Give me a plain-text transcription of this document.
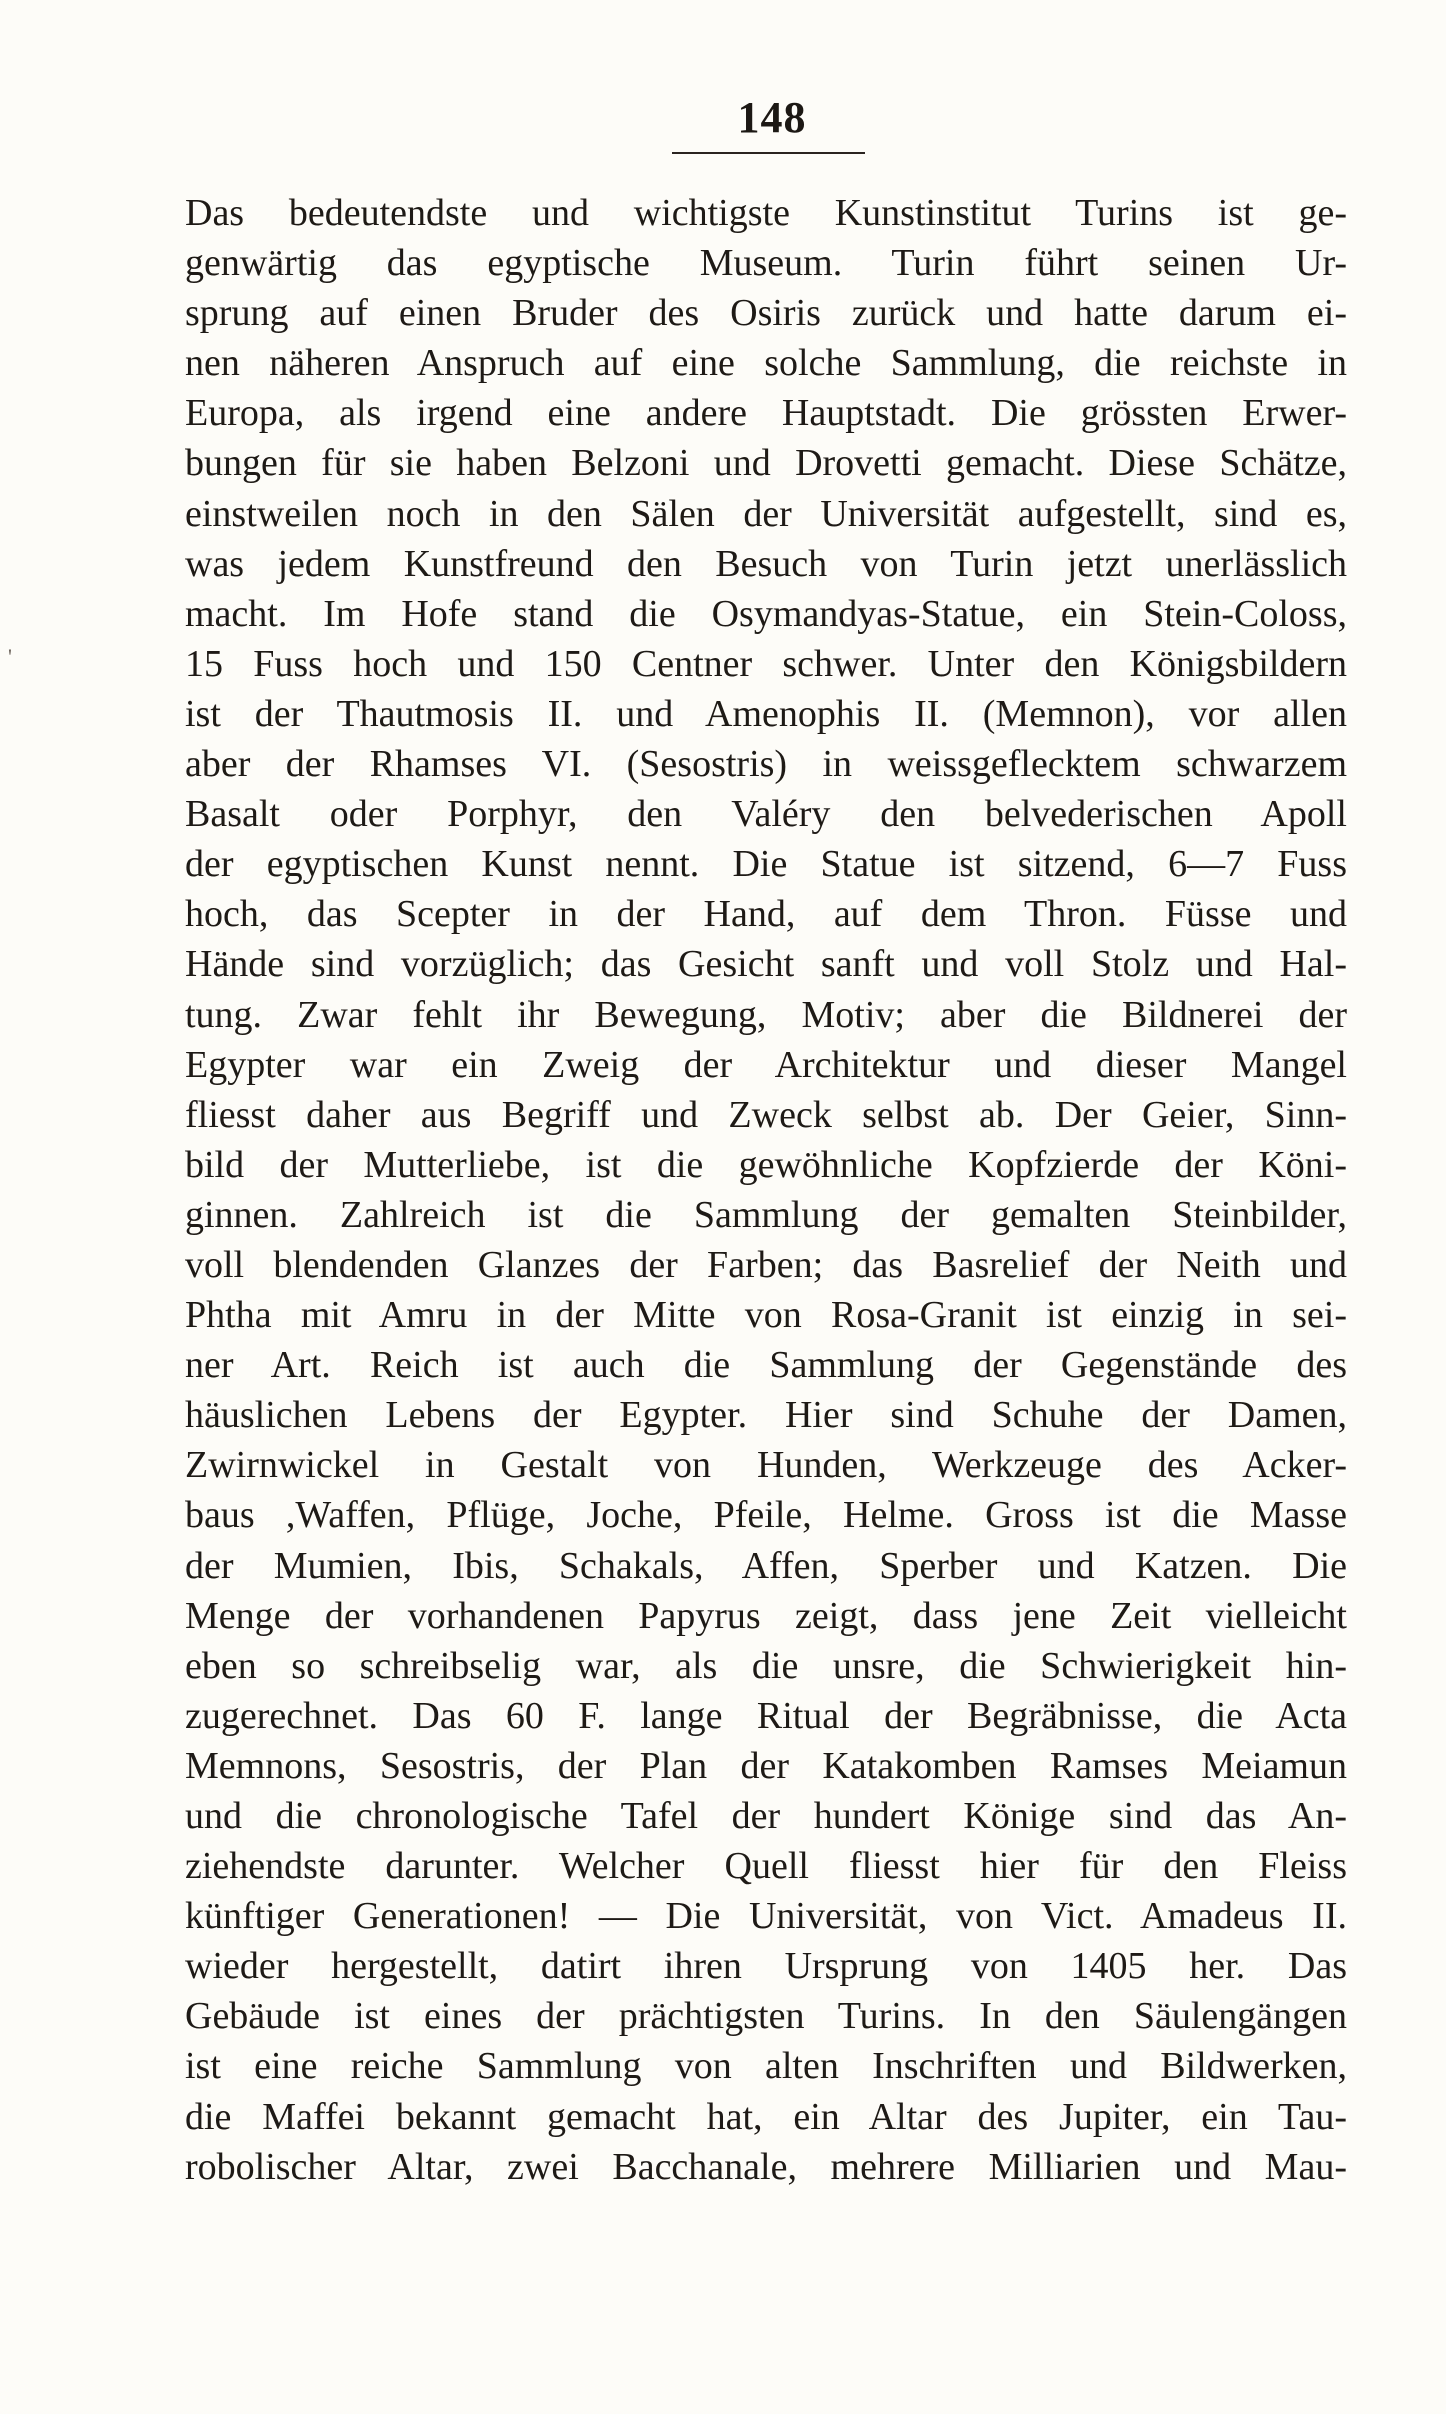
148
'
Das bedeutendste und wichtigste Kunstinstitut Turins ist ge-
genwärtig das egyptische Museum. Turin führt seinen Ur-
sprung auf einen Bruder des Osiris zurück und hatte darum ei-
nen näheren Anspruch auf eine solche Sammlung, die reichste in
Europa, als irgend eine andere Hauptstadt. Die grössten Erwer-
bungen für sie haben Belzoni und Drovetti gemacht. Diese Schätze,
einstweilen noch in den Sälen der Universität aufgestellt, sind es,
was jedem Kunstfreund den Besuch von Turin jetzt unerlässlich
macht. Im Hofe stand die Osymandyas-Statue, ein Stein-Coloss,
15 Fuss hoch und 150 Centner schwer. Unter den Königsbildern
ist der Thautmosis II. und Amenophis II. (Memnon), vor allen
aber der Rhamses VI. (Sesostris) in weissgeflecktem schwarzem
Basalt oder Porphyr, den Valéry den belvederischen Apoll
der egyptischen Kunst nennt. Die Statue ist sitzend, 6—7 Fuss
hoch, das Scepter in der Hand, auf dem Thron. Füsse und
Hände sind vorzüglich; das Gesicht sanft und voll Stolz und Hal-
tung. Zwar fehlt ihr Bewegung, Motiv; aber die Bildnerei der
Egypter war ein Zweig der Architektur und dieser Mangel
fliesst daher aus Begriff und Zweck selbst ab. Der Geier, Sinn-
bild der Mutterliebe, ist die gewöhnliche Kopfzierde der Köni-
ginnen. Zahlreich ist die Sammlung der gemalten Steinbilder,
voll blendenden Glanzes der Farben; das Basrelief der Neith und
Phtha mit Amru in der Mitte von Rosa-Granit ist einzig in sei-
ner Art. Reich ist auch die Sammlung der Gegenstände des
häuslichen Lebens der Egypter. Hier sind Schuhe der Damen,
Zwirnwickel in Gestalt von Hunden, Werkzeuge des Acker-
baus ,Waffen, Pflüge, Joche, Pfeile, Helme. Gross ist die Masse
der Mumien, Ibis, Schakals, Affen, Sperber und Katzen. Die
Menge der vorhandenen Papyrus zeigt, dass jene Zeit vielleicht
eben so schreibselig war, als die unsre, die Schwierigkeit hin-
zugerechnet. Das 60 F. lange Ritual der Begräbnisse, die Acta
Memnons, Sesostris, der Plan der Katakomben Ramses Meiamun
und die chronologische Tafel der hundert Könige sind das An-
ziehendste darunter. Welcher Quell fliesst hier für den Fleiss
künftiger Generationen! — Die Universität, von Vict. Amadeus II.
wieder hergestellt, datirt ihren Ursprung von 1405 her. Das
Gebäude ist eines der prächtigsten Turins. In den Säulengängen
ist eine reiche Sammlung von alten Inschriften und Bildwerken,
die Maffei bekannt gemacht hat, ein Altar des Jupiter, ein Tau-
robolischer Altar, zwei Bacchanale, mehrere Milliarien und Mau-
